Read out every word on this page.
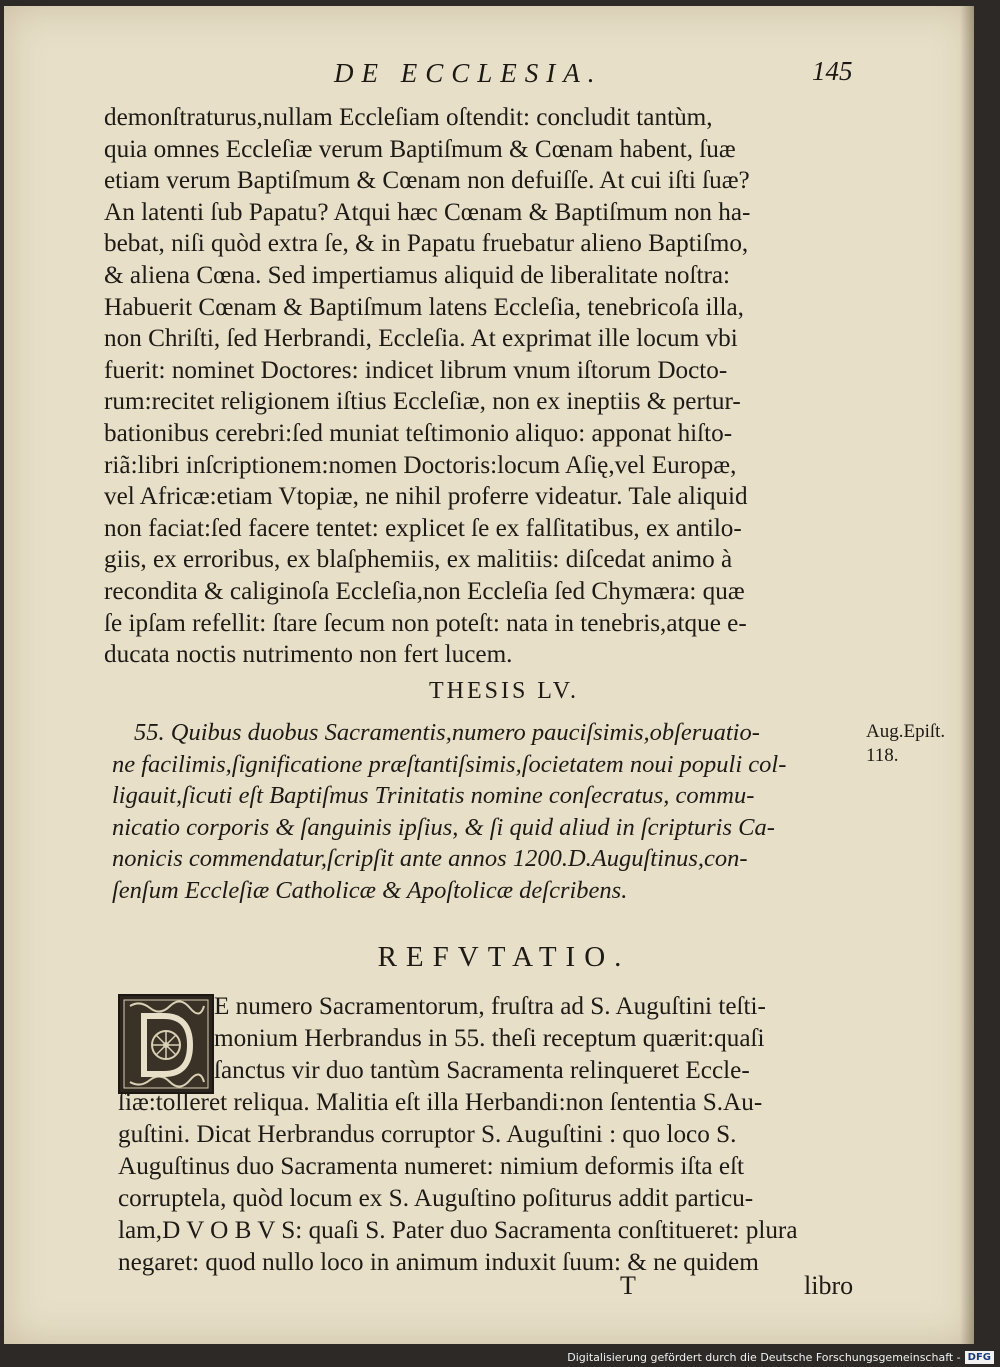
DE ECCLESIA.	145
demonſtraturus,nullam Eccleſiam oſtendit: concludit tantùm,
quia omnes Eccleſiæ verum Baptiſmum & Cœnam habent, ſuæ
etiam verum Baptiſmum & Cœnam non defuiſſe. At cui iſti ſuæ?
An latenti ſub Papatu? Atqui hæc Cœnam & Baptiſmum non ha-
bebat, niſi quòd extra ſe, & in Papatu fruebatur alieno Baptiſmo,
& aliena Cœna. Sed impertiamus aliquid de liberalitate noſtra:
Habuerit Cœnam & Baptiſmum latens Eccleſia, tenebricoſa illa,
non Chriſti, ſed Herbrandi, Eccleſia. At exprimat ille locum vbi
fuerit: nominet Doctores: indicet librum vnum iſtorum Docto-
rum:recitet religionem iſtius Eccleſiæ, non ex ineptiis & pertur-
bationibus cerebri:ſed muniat teſtimonio aliquo: apponat hiſto-
riã:libri inſcriptionem:nomen Doctoris:locum Aſię,vel Europæ,
vel Africæ:etiam Vtopiæ, ne nihil proferre videatur. Tale aliquid
non faciat:ſed facere tentet: explicet ſe ex falſitatibus, ex antilo-
giis, ex erroribus, ex blaſphemiis, ex malitiis: diſcedat animo à
recondita & caliginoſa Eccleſia,non Eccleſia ſed Chymæra: quæ
ſe ipſam refellit: ſtare ſecum non poteſt: nata in tenebris,atque e-
ducata noctis nutrimento non fert lucem.
THESIS LV.
55. Quibus duobus Sacramentis,numero pauciſsimis,obſeruatio-
ne facilimis,ſignificatione præſtantiſsimis,ſocietatem noui populi col-
ligauit,ſicuti eſt Baptiſmus Trinitatis nomine conſecratus, commu-
nicatio corporis & ſanguinis ipſius, & ſi quid aliud in ſcripturis Ca-
nonicis commendatur,ſcripſit ante annos 1200.D.Auguſtinus,con-
ſenſum Eccleſiæ Catholicæ & Apoſtolicæ deſcribens.
Aug.Epiſt.
118.
REFVTATIO.
E numero Sacramentorum, fruſtra ad S. Auguſtini teſti-
monium Herbrandus in 55. theſi receptum quærit:quaſi
ſanctus vir duo tantùm Sacramenta relinqueret Eccle-
ſiæ:tolleret reliqua. Malitia eſt illa Herbandi:non ſententia S.Au-
guſtini. Dicat Herbrandus corruptor S. Auguſtini : quo loco S.
Auguſtinus duo Sacramenta numeret: nimium deformis iſta eſt
corruptela, quòd locum ex S. Auguſtino poſiturus addit particu-
lam,D V O B V S: quaſi S. Pater duo Sacramenta conſtitueret: plura
negaret: quod nullo loco in animum induxit ſuum: & ne quidem
T	libro
Digitalisierung gefördert durch die Deutsche Forschungsgemeinschaft - DFG
